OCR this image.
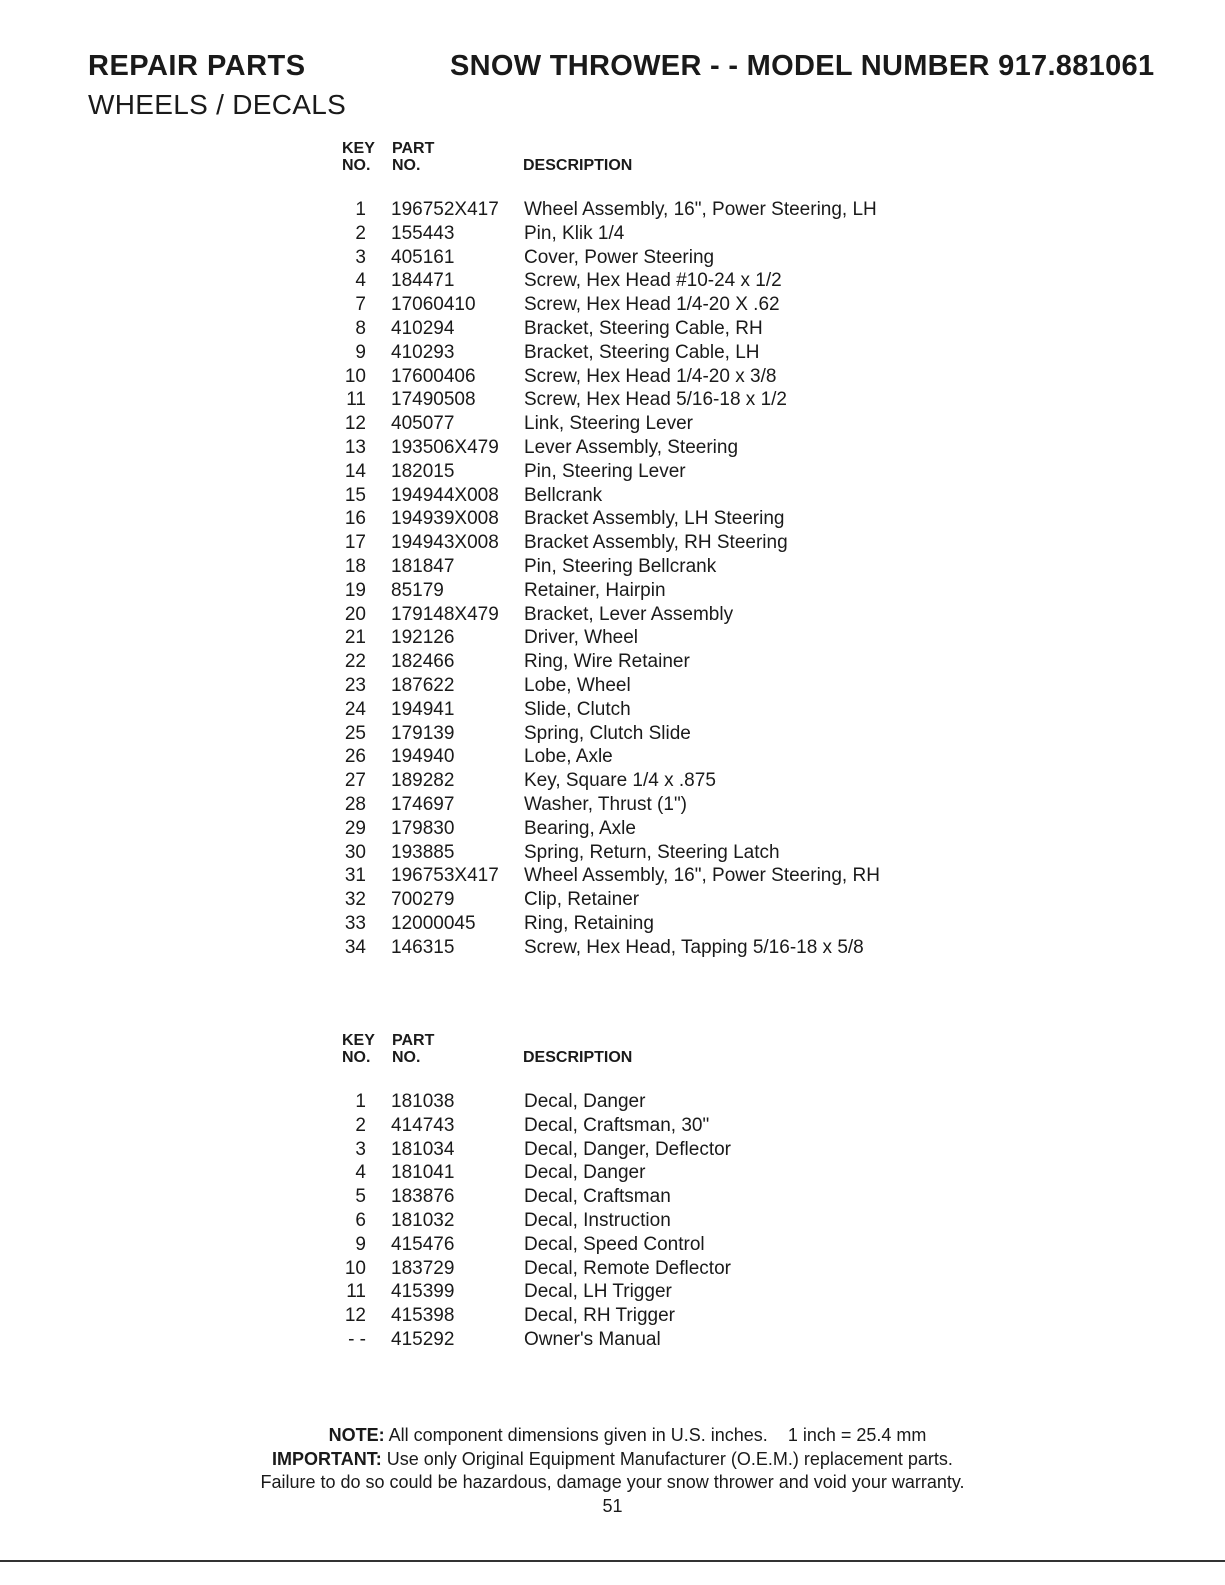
REPAIR PARTS	SNOW THROWER - - MODEL NUMBER 917.881061
WHEELS / DECALS
KEY
NO.
PART
NO.	DESCRIPTION
1 196752X417 Wheel Assembly, 16", Power Steering, LH
2 155443	Pin, Klik 1/4
3 405161	Cover, Power Steering
4 184471	Screw, Hex Head #10-24 x 1/2
7 17060410	Screw, Hex Head 1/4-20 X .62
8 410294	Bracket, Steering Cable, RH
9 410293	Bracket, Steering Cable, LH
10 17600406	Screw, Hex Head 1/4-20 x 3/8
11 17490508	Screw, Hex Head 5/16-18 x 1/2
12 405077	Link, Steering Lever
13 193506X479 Lever Assembly, Steering
14 182015	Pin, Steering Lever
15 194944X008 Bellcrank
16 194939X008 Bracket Assembly, LH Steering
17 194943X008 Bracket Assembly, RH Steering
18 181847	Pin, Steering Bellcrank
19 85179	Retainer, Hairpin
20 179148X479 Bracket, Lever Assembly
21 192126	Driver, Wheel
22 182466	Ring, Wire Retainer
23 187622	Lobe, Wheel
24 194941	Slide, Clutch
25 179139	Spring, Clutch Slide
26 194940	Lobe, Axle
27 189282	Key, Square 1/4 x .875
28 174697	Washer, Thrust (1")
29 179830	Bearing, Axle
30 193885	Spring, Return, Steering Latch
31 196753X417 Wheel Assembly, 16", Power Steering, RH
32 700279	Clip, Retainer
33 12000045	Ring, Retaining
34 146315	Screw, Hex Head, Tapping 5/16-18 x 5/8
KEY
NO.
PART
NO.	DESCRIPTION
1 181038	Decal, Danger
2 414743	Decal, Craftsman, 30"
3 181034	Decal, Danger, Deflector
4 181041	Decal, Danger
5 183876	Decal, Craftsman
6 181032	Decal, Instruction
9 415476	Decal, Speed Control
10 183729	Decal, Remote Deflector
11 415399	Decal, LH Trigger
12 415398	Decal, RH Trigger
- - 415292	Owner's Manual
NOTE: All component dimensions given in U.S. inches.    1 inch = 25.4 mm
IMPORTANT: Use only Original Equipment Manufacturer (O.E.M.) replacement parts.
Failure to do so could be hazardous, damage your snow thrower and void your warranty.
51
